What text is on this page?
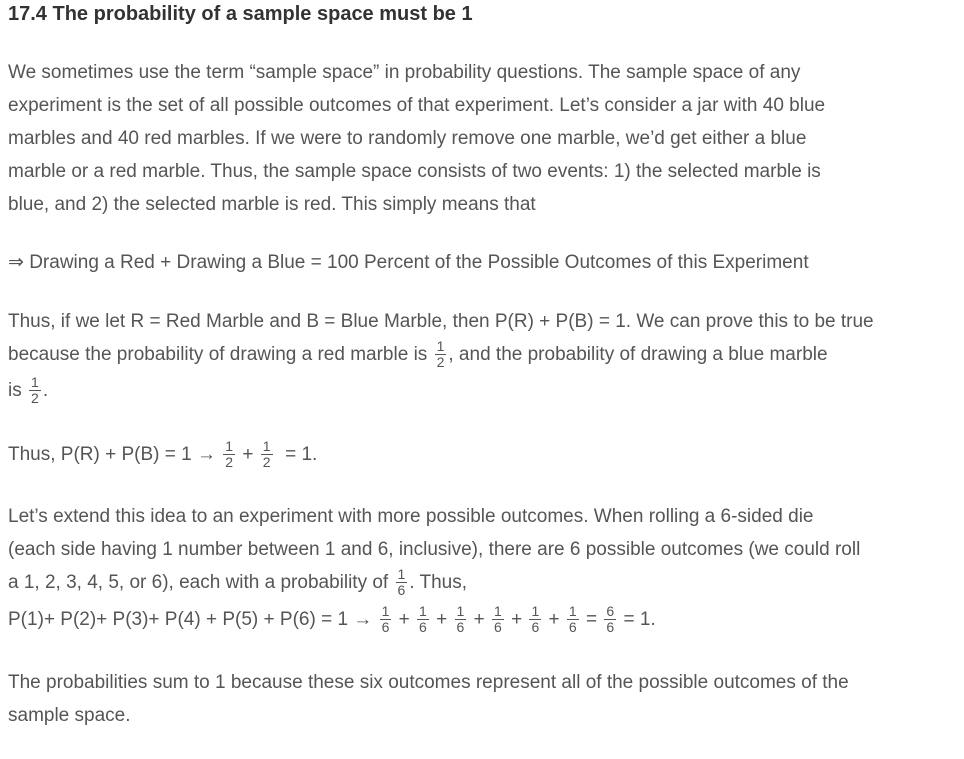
17.4 The probability of a sample space must be 1

We sometimes use the term “sample space” in probability questions. The sample space of any
experiment is the set of all possible outcomes of that experiment. Let’s consider a jar with 40 blue
marbles and 40 red marbles. If we were to randomly remove one marble, we’d get either a blue
marble or a red marble. Thus, the sample space consists of two events: 1) the selected marble is
blue, and 2) the selected marble is red. This simply means that

⇒ Drawing a Red + Drawing a Blue = 100 Percent of the Possible Outcomes of this Experiment

Thus, if we let R = Red Marble and B = Blue Marble, then P(R) + P(B) = 1. We can prove this to be true
because the probability of drawing a red marble is $\frac{1}{2}$ , and the probability of drawing a blue marble
is $\frac{1}{2}$ .

Thus, $P(R) + P(B) = 1 \to \frac{1}{2} + \frac{1}{2} = 1$.

Let’s extend this idea to an experiment with more possible outcomes. When rolling a 6-sided die
(each side having 1 number between 1 and 6, inclusive), there are 6 possible outcomes (we could roll
a 1, 2, 3, 4, 5, or 6), each with a probability of $\frac{1}{6}$ . Thus,
$P(1)+ P(2)+ P(3)+ P(4) + P(5) + P(6) = 1 \to \frac{1}{6} + \frac{1}{6} + \frac{1}{6} + \frac{1}{6} + \frac{1}{6} + \frac{1}{6} = \frac{6}{6} = 1$.

The probabilities sum to 1 because these six outcomes represent all of the possible outcomes of the
sample space.
